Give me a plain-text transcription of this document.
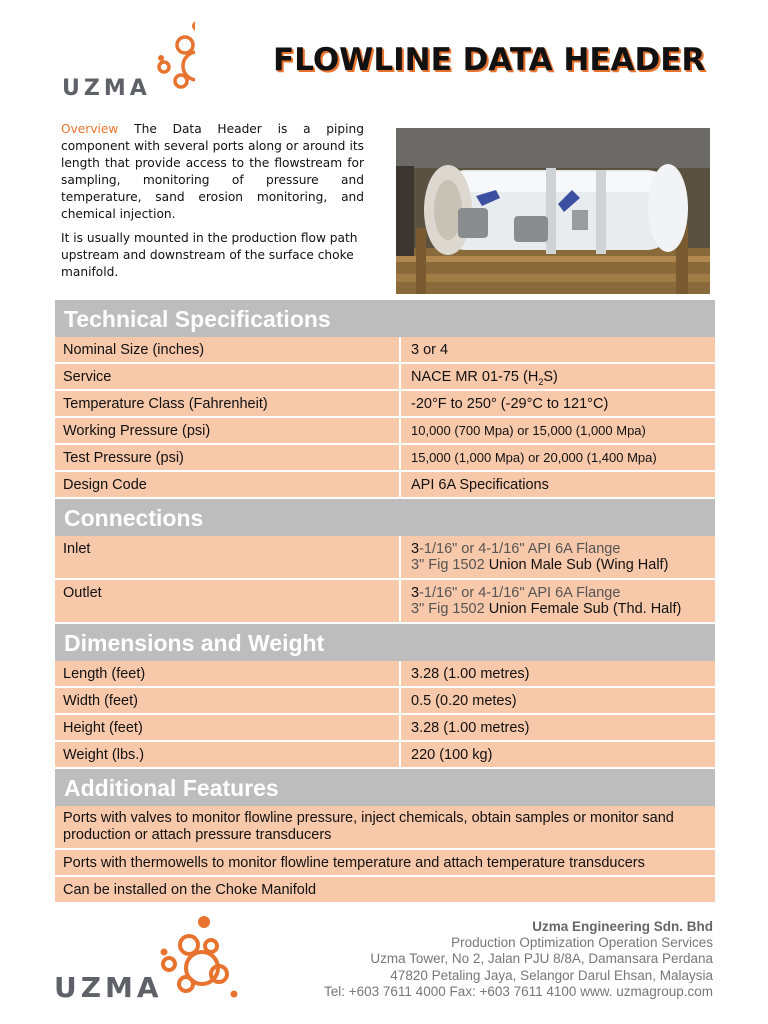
UZMA
FLOWLINE DATA HEADER

Overview The Data Header is a piping component with several ports along or around its length that provide access to the flowstream for sampling, monitoring of pressure and temperature, sand erosion monitoring, and chemical injection.

It is usually mounted in the production flow path upstream and downstream of the surface choke manifold.

Technical Specifications
Nominal Size (inches)	3 or 4
Service	NACE MR 01-75 $(H_2S)$
Temperature Class (Fahrenheit)	-20°F to 250° (-29°C to 121°C)
Working Pressure (psi)	10,000 (700 Mpa) or 15,000 (1,000 Mpa)
Test Pressure (psi)	15,000 (1,000 Mpa) or 20,000 (1,400 Mpa)
Design Code	API 6A Specifications
Connections
Inlet	3-1/16" or 4-1/16" API 6A Flange
3" Fig 1502 Union Male Sub (Wing Half)
Outlet	3-1/16" or 4-1/16" API 6A Flange
3" Fig 1502 Union Female Sub (Thd. Half)
Dimensions and Weight
Length (feet)	3.28 (1.00 metres)
Width (feet)	0.5 (0.20 metes)
Height (feet)	3.28 (1.00 metres)
Weight (lbs.)	220 (100 kg)
Additional Features
Ports with valves to monitor flowline pressure, inject chemicals, obtain samples or monitor sand production or attach pressure transducers
Ports with thermowells to monitor flowline temperature and attach temperature transducers
Can be installed on the Choke Manifold
UZMA
Uzma Engineering Sdn. Bhd
Production Optimization Operation Services
Uzma Tower, No 2, Jalan PJU 8/8A, Damansara Perdana
47820 Petaling Jaya, Selangor Darul Ehsan, Malaysia
Tel: +603 7611 4000 Fax: +603 7611 4100 www. uzmagroup.com
